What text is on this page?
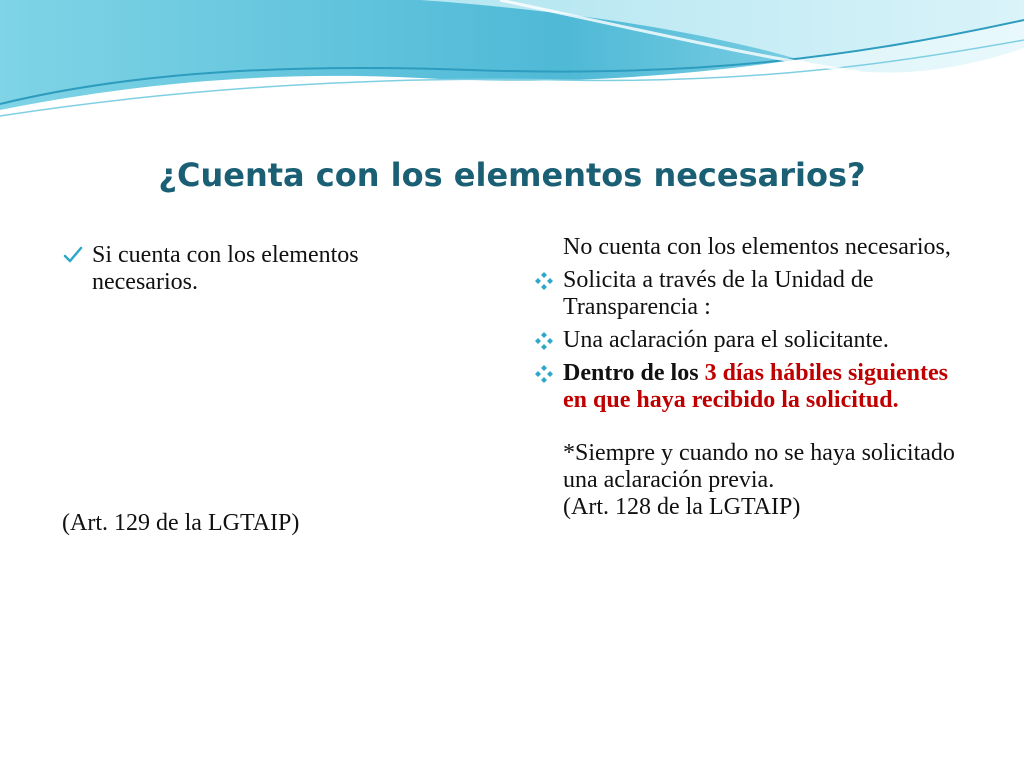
¿Cuenta con los elementos necesarios?
Si cuenta con los elementos necesarios.
(Art. 129 de la LGTAIP)
No cuenta con los elementos necesarios,
Solicita a través de la Unidad de Transparencia :
Una aclaración para el solicitante.
Dentro de los 3 días hábiles siguientes en que haya recibido la solicitud.
*Siempre y cuando no se haya solicitado una aclaración previa.
(Art. 128 de la LGTAIP)
